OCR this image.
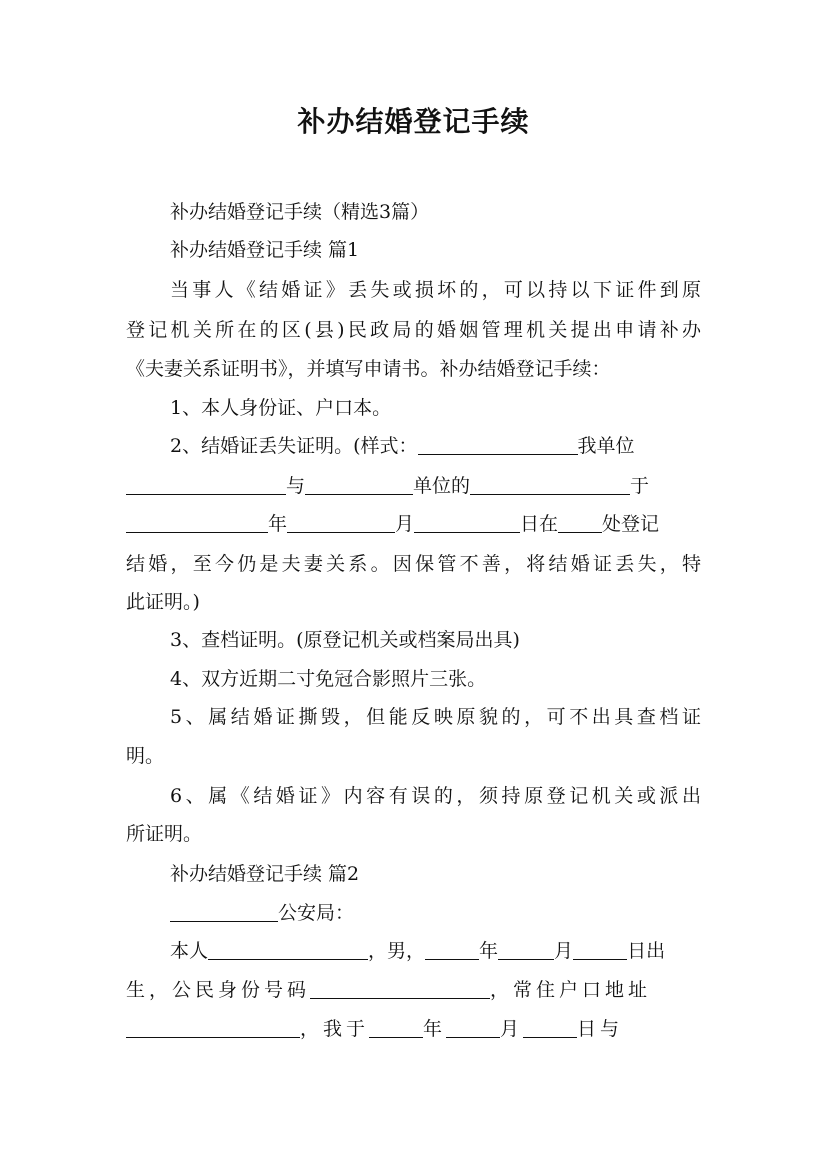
补办结婚登记手续
补办结婚登记手续（精选3篇）
补办结婚登记手续 篇1
当事人《结婚证》丢失或损坏的，可以持以下证件到原
登记机关所在的区(县)民政局的婚姻管理机关提出申请补办
《夫妻关系证明书》，并填写申请书。补办结婚登记手续：
1、本人身份证、户口本。
2、结婚证丢失证明。(样式：	我单位
与	单位的	于
年	月	日在 处登记
结婚，至今仍是夫妻关系。因保管不善，将结婚证丢失，特
此证明。)
3、查档证明。(原登记机关或档案局出具)
4、双方近期二寸免冠合影照片三张。
5、属结婚证撕毁，但能反映原貌的，可不出具查档证
明。
6、属《结婚证》内容有误的，须持原登记机关或派出
所证明。
补办结婚登记手续 篇2
公安局：
本人	，男，	年	月	日出
生，公民身份号码	，常住户口地址
，我于	年	月	日与
